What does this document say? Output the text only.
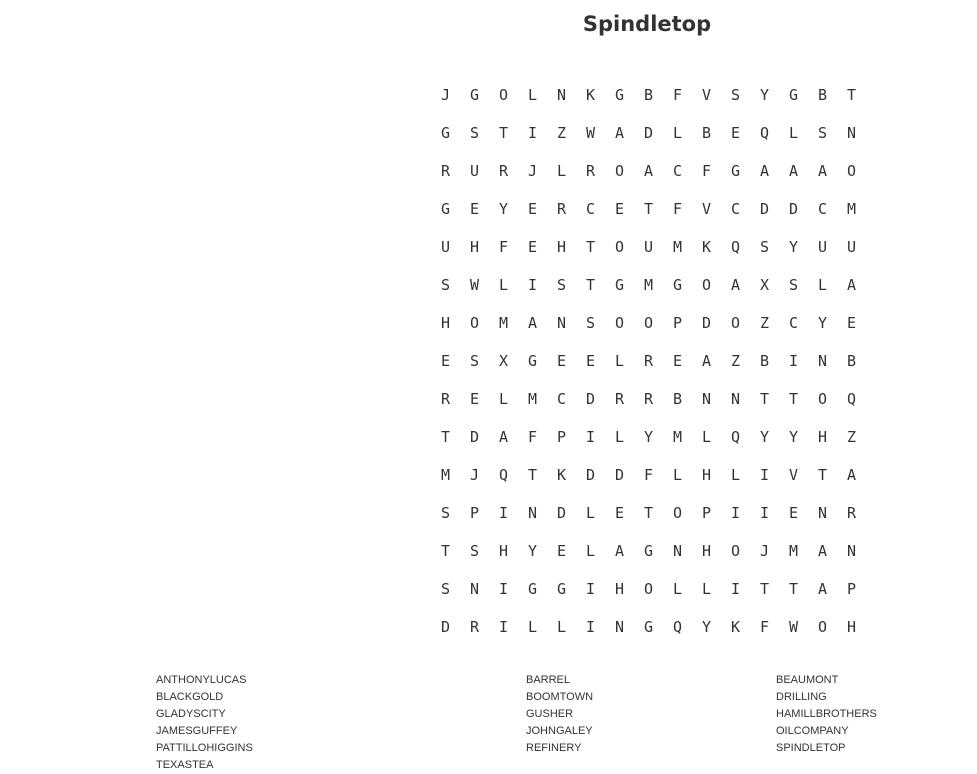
Spindletop
J	G	O	L	N	K	G	B	F	V	S	Y	G	B	T
G	S	T	I	Z	W	A	D	L	B	E	Q	L	S	N
R	U	R	J	L	R	O	A	C	F	G	A	A	A	O
G	E	Y	E	R	C	E	T	F	V	C	D	D	C	M
U	H	F	E	H	T	O	U	M	K	Q	S	Y	U	U
S	W	L	I	S	T	G	M	G	O	A	X	S	L	A
H	O	M	A	N	S	O	O	P	D	O	Z	C	Y	E
E	S	X	G	E	E	L	R	E	A	Z	B	I	N	B
R	E	L	M	C	D	R	R	B	N	N	T	T	O	Q
T	D	A	F	P	I	L	Y	M	L	Q	Y	Y	H	Z
M	J	Q	T	K	D	D	F	L	H	L	I	V	T	A
S	P	I	N	D	L	E	T	O	P	I	I	E	N	R
T	S	H	Y	E	L	A	G	N	H	O	J	M	A	N
S	N	I	G	G	I	H	O	L	L	I	T	T	A	P
D	R	I	L	L	I	N	G	Q	Y	K	F	W	O	H
ANTHONYLUCAS
BLACKGOLD
GLADYSCITY
JAMESGUFFEY
PATTILLOHIGGINS
TEXASTEA
BARREL
BOOMTOWN
GUSHER
JOHNGALEY
REFINERY
BEAUMONT
DRILLING
HAMILLBROTHERS
OILCOMPANY
SPINDLETOP
